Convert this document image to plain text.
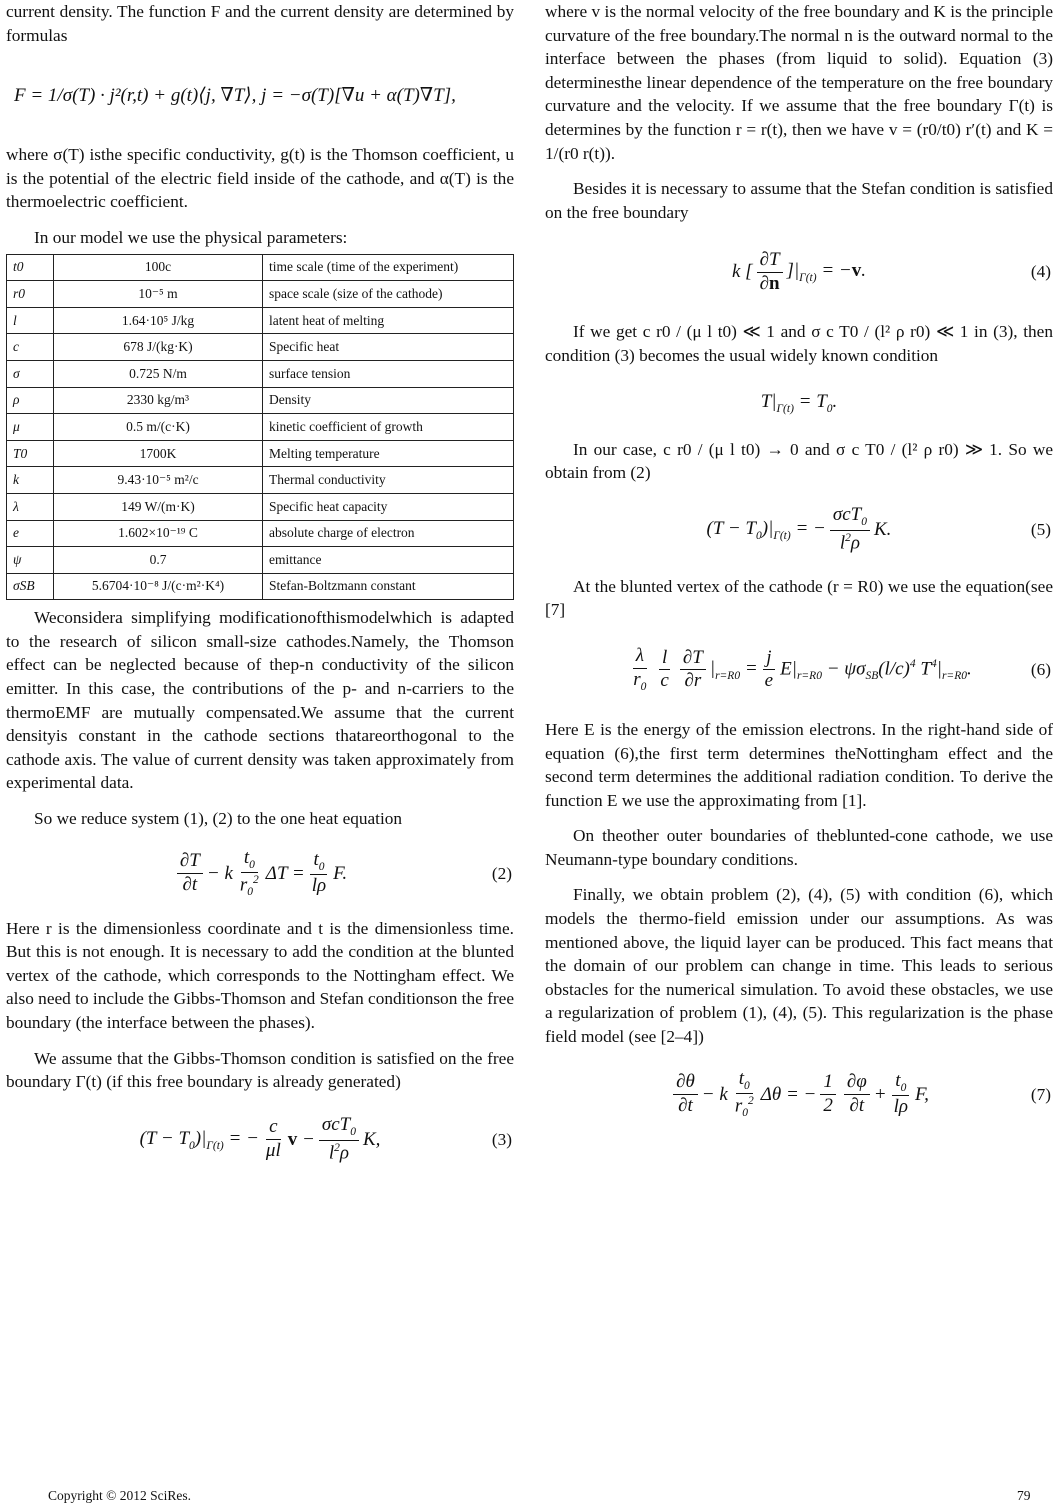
current density. The function F and the current density are determined by formulas

F = 1/σ(T) · j²(r,t) + g(t)⟨j, ∇T⟩, j = −σ(T)[∇u + α(T)∇T],

where σ(T) isthe specific conductivity, g(t) is the Thomson coefficient, u is the potential of the electric field inside of the cathode, and α(T) is the thermoelectric coefficient.

In our model we use the physical parameters:

t0	100c	time scale (time of the experiment)
r0	10⁻⁵ m	space scale (size of the cathode)
l	1.64·10⁵ J/kg	latent heat of melting
c	678 J/(kg·K)	Specific heat
σ	0.725 N/m	surface tension
ρ	2330 kg/m³	Density
μ	0.5 m/(c·K)	kinetic coefficient of growth
T0	1700K	Melting temperature
k	9.43·10⁻⁵ m²/c	Thermal conductivity
λ	149 W/(m·K)	Specific heat capacity
e	1.602×10⁻¹⁹ C	absolute charge of electron
ψ	0.7	emittance
σSB	5.6704·10⁻⁸ J/(c·m²·K⁴)	Stefan-Boltzmann constant

Weconsidera simplifying modificationofthismodelwhich is adapted to the research of silicon small-size cathodes.Namely, the Thomson effect can be neglected because of thep-n conductivity of the silicon emitter. In this case, the contributions of the p- and n-carriers to the thermoEMF are mutually compensated.We assume that the current densityis constant in the cathode sections thatareorthogonal to the cathode axis. The value of current density was taken approximately from experimental data.

So we reduce system (1), (2) to the one heat equation

$\frac{\partial T}{\partial t} - k \frac{t_0}{r_0^2}$ $\Delta T = \frac{t_0}{l\rho} F$.	(2)

Here r is the dimensionless coordinate and t is the dimensionless time. But this is not enough. It is necessary to add the condition at the blunted vertex of the cathode, which corresponds to the Nottingham effect. We also need to include the Gibbs-Thomson and Stefan conditionson the free boundary (the interface between the phases).

We assume that the Gibbs-Thomson condition is satisfied on the free boundary Γ(t) (if this free boundary is already generated)

$(T - T_0)|_{\Gamma(t)}$ = − $\frac{c}{\mu l}$ $v - \frac{\sigma cT_0}{l^2\rho} K$,	(3)

where v is the normal velocity of the free boundary and K is the principle curvature of the free boundary.The normal n is the outward normal to the interface between the phases (from liquid to solid). Equation (3) determinesthe linear dependence of the temperature on the free boundary curvature and the velocity. If we assume that the free boundary Γ(t) is determines by the function r = r(t), then we have v = (r0/t0) r′(t) and K = 1/(r0 r(t)).

Besides it is necessary to assume that the Stefan condition is satisfied on the free boundary

k [ $\frac{\partial T}{\partial n} ]|_{\Gamma(t)} = -v$.	(4)

If we get c r0 / (μ l t0) ≪ 1 and σ c T0 / (l² ρ r0) ≪ 1 in (3), then condition (3) becomes the usual widely known condition

$T|_{\Gamma(t)} = T_0$.

In our case, c r0 / (μ l t0) → 0 and σ c T0 / (l² ρ r0) ≫ 1. So we obtain from (2)

$(T - T_0)|_{\Gamma(t)}$ = − $\frac{\sigma cT_0}{l^2\rho} K$.	(5)

At the blunted vertex of the cathode (r = R0) we use the equation(see [7]

$\frac{\lambda}{r_0} \frac{l}{c} \frac{\partial T}{\partial r} |_{r=R0} = \frac{j}{e} E|_{r=R0} - \psi\sigma_{SB}(l/c)^4$ $T^4|_{r=R0}$.	(6)

Here E is the energy of the emission electrons. In the right-hand side of equation (6),the first term determines theNottingham effect and the second term determines the additional radiation condition. To derive the function E we use the approximating from [1].

On theother outer boundaries of theblunted-cone cathode, we use Neumann-type boundary conditions.

Finally, we obtain problem (2), (4), (5) with condition (6), which models the thermo-field emission under our assumptions. As was mentioned above, the liquid layer can be produced. This fact means that the domain of our problem can change in time. This leads to serious obstacles for the numerical simulation. To avoid these obstacles, we use a regularization of problem (1), (4), (5). This regularization is the phase field model (see [2–4])

$\frac{\partial\theta}{\partial t} - k \frac{t_0}{r_0^2}$ Δθ = − $\frac{1}{2} \frac{\partial\varphi}{\partial t} + \frac{t_0}{l\rho} F$,	(7)
Copyright © 2012 SciRes.	79
